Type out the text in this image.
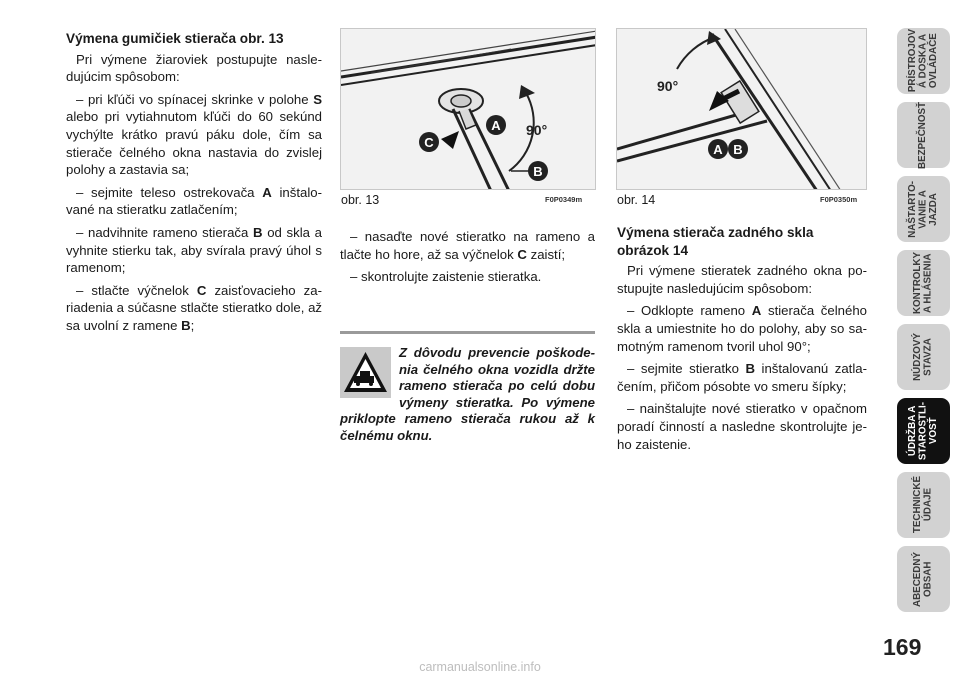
Výmena gumičiek stierača obr. 13

Pri výmene žiaroviek postupujte nasle-dujúcim spôsobom:

– pri kľúči vo spínacej skrinke v polohe S alebo pri vytiahnutom kľúči do 60 sekúnd vychýlte krátko pravú páku dole, čím sa stierače čelného okna nastavia do zvislej polohy a zastavia sa;

– sejmite teleso ostrekovača A inštalo-vané na stieratku zatlačením;

– nadvihnite rameno stierača B od skla a vyhnite stierku tak, aby svírala pravý úhol s ramenom;

– stlačte výčnelok C zaisťovacieho za-riadenia a súčasne stlačte stieratko dole, až sa uvolní z ramene B;

A
B
C
90°
obr. 13	F0P0349m
A B
90°
obr. 14	F0P0350m

– nasaďte nové stieratko na rameno a tlačte ho hore, až sa výčnelok C zaistí;

– skontrolujte zaistenie stieratka.

Z dôvodu prevencie poškode-nia čelného okna vozidla držte rameno stierača po celú dobu výmeny stieratka. Po výmene priklopte rameno stierača rukou až k čelnému oknu.

Výmena stierača zadného skla obrázok 14

Pri výmene stieratek zadného okna po-stupujte nasledujúcim spôsobom:

– Odklopte rameno A stierača čelného skla a umiestnite ho do polohy, aby so sa-motným ramenom tvoril uhol 90°;

– sejmite stieratko B inštalovanú zatla-čením, přičom pósobte vo smeru šípky;

– nainštalujte nové stieratko v opačnom poradí činností a nasledne skontrolujte je-ho zaistenie.

PRÍSTROJOV
Á DOSKA A
OVLÁDAČE
BEZPEČNOSŤ
NAŠTARTO-
VANIE A
JAZDA
KONTROLKY
A HLÁSENIA
NÚDZOVÝ
STAVZA
ÚDRŽBA A
STAROSTLI-
VOSŤ
TECHNICKÉ
ÚDAJE
ABECEDNÝ
OBSAH
169
carmanualsonline.info
